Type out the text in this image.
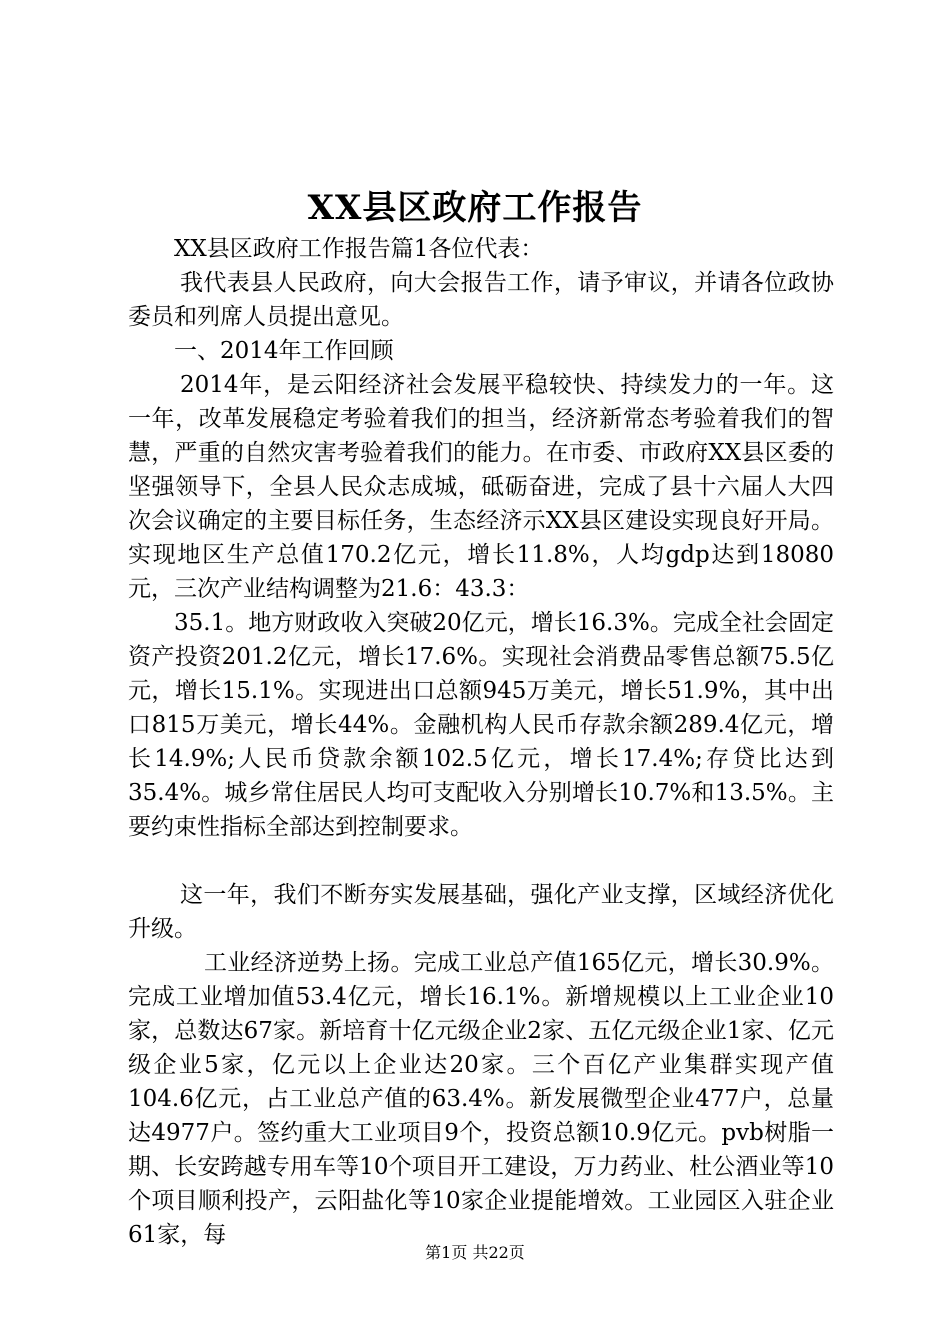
XX县区政府工作报告

XX县区政府工作报告篇1各位代表：

我代表县人民政府，向大会报告工作，请予审议，并请各位政协委员和列席人员提出意见。

一、2014年工作回顾

2014年，是云阳经济社会发展平稳较快、持续发力的一年。这一年，改革发展稳定考验着我们的担当，经济新常态考验着我们的智慧，严重的自然灾害考验着我们的能力。在市委、市政府XX县区委的坚强领导下，全县人民众志成城，砥砺奋进，完成了县十六届人大四次会议确定的主要目标任务，生态经济示XX县区建设实现良好开局。实现地区生产总值170.2亿元，增长11.8%，人均gdp达到18080元，三次产业结构调整为21.6：43.3：

35.1。地方财政收入突破20亿元，增长16.3%。完成全社会固定资产投资201.2亿元，增长17.6%。实现社会消费品零售总额75.5亿元，增长15.1%。实现进出口总额945万美元，增长51.9%，其中出口815万美元，增长44%。金融机构人民币存款余额289.4亿元，增长14.9%;人民币贷款余额102.5亿元，增长17.4%;存贷比达到35.4%。城乡常住居民人均可支配收入分别增长10.7%和13.5%。主要约束性指标全部达到控制要求。

这一年，我们不断夯实发展基础，强化产业支撑，区域经济优化升级。

工业经济逆势上扬。完成工业总产值165亿元，增长30.9%。完成工业增加值53.4亿元，增长16.1%。新增规模以上工业企业10家，总数达67家。新培育十亿元级企业2家、五亿元级企业1家、亿元级企业5家，亿元以上企业达20家。三个百亿产业集群实现产值104.6亿元，占工业总产值的63.4%。新发展微型企业477户，总量达4977户。签约重大工业项目9个，投资总额10.9亿元。pvb树脂一期、长安跨越专用车等10个项目开工建设，万力药业、杜公酒业等10个项目顺利投产，云阳盐化等10家企业提能增效。工业园区入驻企业61家，每

第1页 共22页
